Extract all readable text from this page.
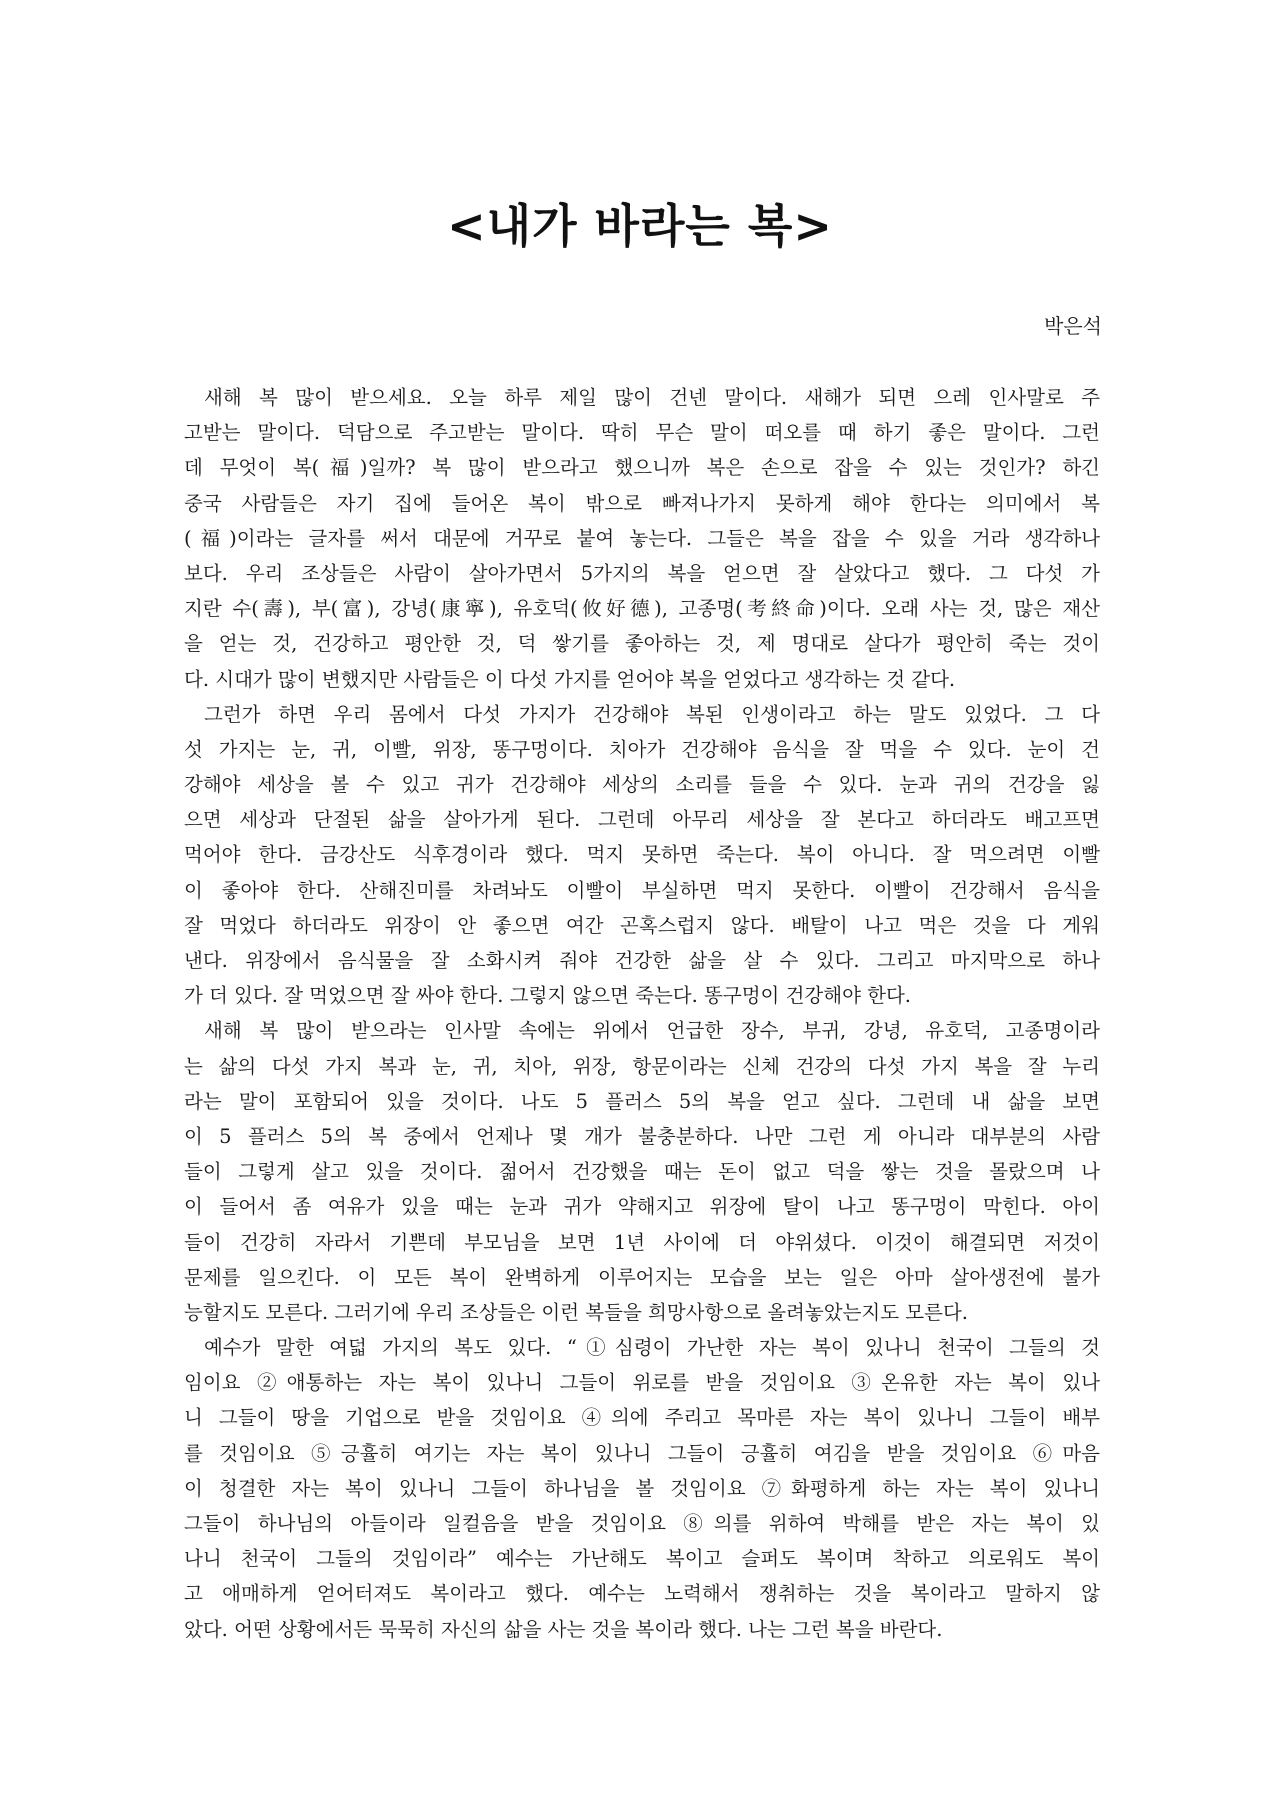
<내가 바라는 복>
박은석
새해 복 많이 받으세요. 오늘 하루 제일 많이 건넨 말이다. 새해가 되면 으레 인사말로 주
고받는 말이다. 덕담으로 주고받는 말이다. 딱히 무슨 말이 떠오를 때 하기 좋은 말이다. 그런
데 무엇이 복(福)일까? 복 많이 받으라고 했으니까 복은 손으로 잡을 수 있는 것인가? 하긴
중국 사람들은 자기 집에 들어온 복이 밖으로 빠져나가지 못하게 해야 한다는 의미에서 복
(福)이라는 글자를 써서 대문에 거꾸로 붙여 놓는다. 그들은 복을 잡을 수 있을 거라 생각하나
보다. 우리 조상들은 사람이 살아가면서 5가지의 복을 얻으면 잘 살았다고 했다. 그 다섯 가
지란 수(壽), 부(富), 강녕(康寧), 유호덕(攸好德), 고종명(考終命)이다. 오래 사는 것, 많은 재산
을 얻는 것, 건강하고 평안한 것, 덕 쌓기를 좋아하는 것, 제 명대로 살다가 평안히 죽는 것이
다. 시대가 많이 변했지만 사람들은 이 다섯 가지를 얻어야 복을 얻었다고 생각하는 것 같다.
그런가 하면 우리 몸에서 다섯 가지가 건강해야 복된 인생이라고 하는 말도 있었다. 그 다
섯 가지는 눈, 귀, 이빨, 위장, 똥구멍이다. 치아가 건강해야 음식을 잘 먹을 수 있다. 눈이 건
강해야 세상을 볼 수 있고 귀가 건강해야 세상의 소리를 들을 수 있다. 눈과 귀의 건강을 잃
으면 세상과 단절된 삶을 살아가게 된다. 그런데 아무리 세상을 잘 본다고 하더라도 배고프면
먹어야 한다. 금강산도 식후경이라 했다. 먹지 못하면 죽는다. 복이 아니다. 잘 먹으려면 이빨
이 좋아야 한다. 산해진미를 차려놔도 이빨이 부실하면 먹지 못한다. 이빨이 건강해서 음식을
잘 먹었다 하더라도 위장이 안 좋으면 여간 곤혹스럽지 않다. 배탈이 나고 먹은 것을 다 게워
낸다. 위장에서 음식물을 잘 소화시켜 줘야 건강한 삶을 살 수 있다. 그리고 마지막으로 하나
가 더 있다. 잘 먹었으면 잘 싸야 한다. 그렇지 않으면 죽는다. 똥구멍이 건강해야 한다.
새해 복 많이 받으라는 인사말 속에는 위에서 언급한 장수, 부귀, 강녕, 유호덕, 고종명이라
는 삶의 다섯 가지 복과 눈, 귀, 치아, 위장, 항문이라는 신체 건강의 다섯 가지 복을 잘 누리
라는 말이 포함되어 있을 것이다. 나도 5 플러스 5의 복을 얻고 싶다. 그런데 내 삶을 보면
이 5 플러스 5의 복 중에서 언제나 몇 개가 불충분하다. 나만 그런 게 아니라 대부분의 사람
들이 그렇게 살고 있을 것이다. 젊어서 건강했을 때는 돈이 없고 덕을 쌓는 것을 몰랐으며 나
이 들어서 좀 여유가 있을 때는 눈과 귀가 약해지고 위장에 탈이 나고 똥구멍이 막힌다. 아이
들이 건강히 자라서 기쁜데 부모님을 보면 1년 사이에 더 야위셨다. 이것이 해결되면 저것이
문제를 일으킨다. 이 모든 복이 완벽하게 이루어지는 모습을 보는 일은 아마 살아생전에 불가
능할지도 모른다. 그러기에 우리 조상들은 이런 복들을 희망사항으로 올려놓았는지도 모른다.
예수가 말한 여덟 가지의 복도 있다. “①심령이 가난한 자는 복이 있나니 천국이 그들의 것
임이요 ②애통하는 자는 복이 있나니 그들이 위로를 받을 것임이요 ③온유한 자는 복이 있나
니 그들이 땅을 기업으로 받을 것임이요 ④의에 주리고 목마른 자는 복이 있나니 그들이 배부
를 것임이요 ⑤긍휼히 여기는 자는 복이 있나니 그들이 긍휼히 여김을 받을 것임이요 ⑥마음
이 청결한 자는 복이 있나니 그들이 하나님을 볼 것임이요 ⑦화평하게 하는 자는 복이 있나니
그들이 하나님의 아들이라 일컬음을 받을 것임이요 ⑧의를 위하여 박해를 받은 자는 복이 있
나니 천국이 그들의 것임이라” 예수는 가난해도 복이고 슬퍼도 복이며 착하고 의로워도 복이
고 애매하게 얻어터져도 복이라고 했다. 예수는 노력해서 쟁취하는 것을 복이라고 말하지 않
았다. 어떤 상황에서든 묵묵히 자신의 삶을 사는 것을 복이라 했다. 나는 그런 복을 바란다.
